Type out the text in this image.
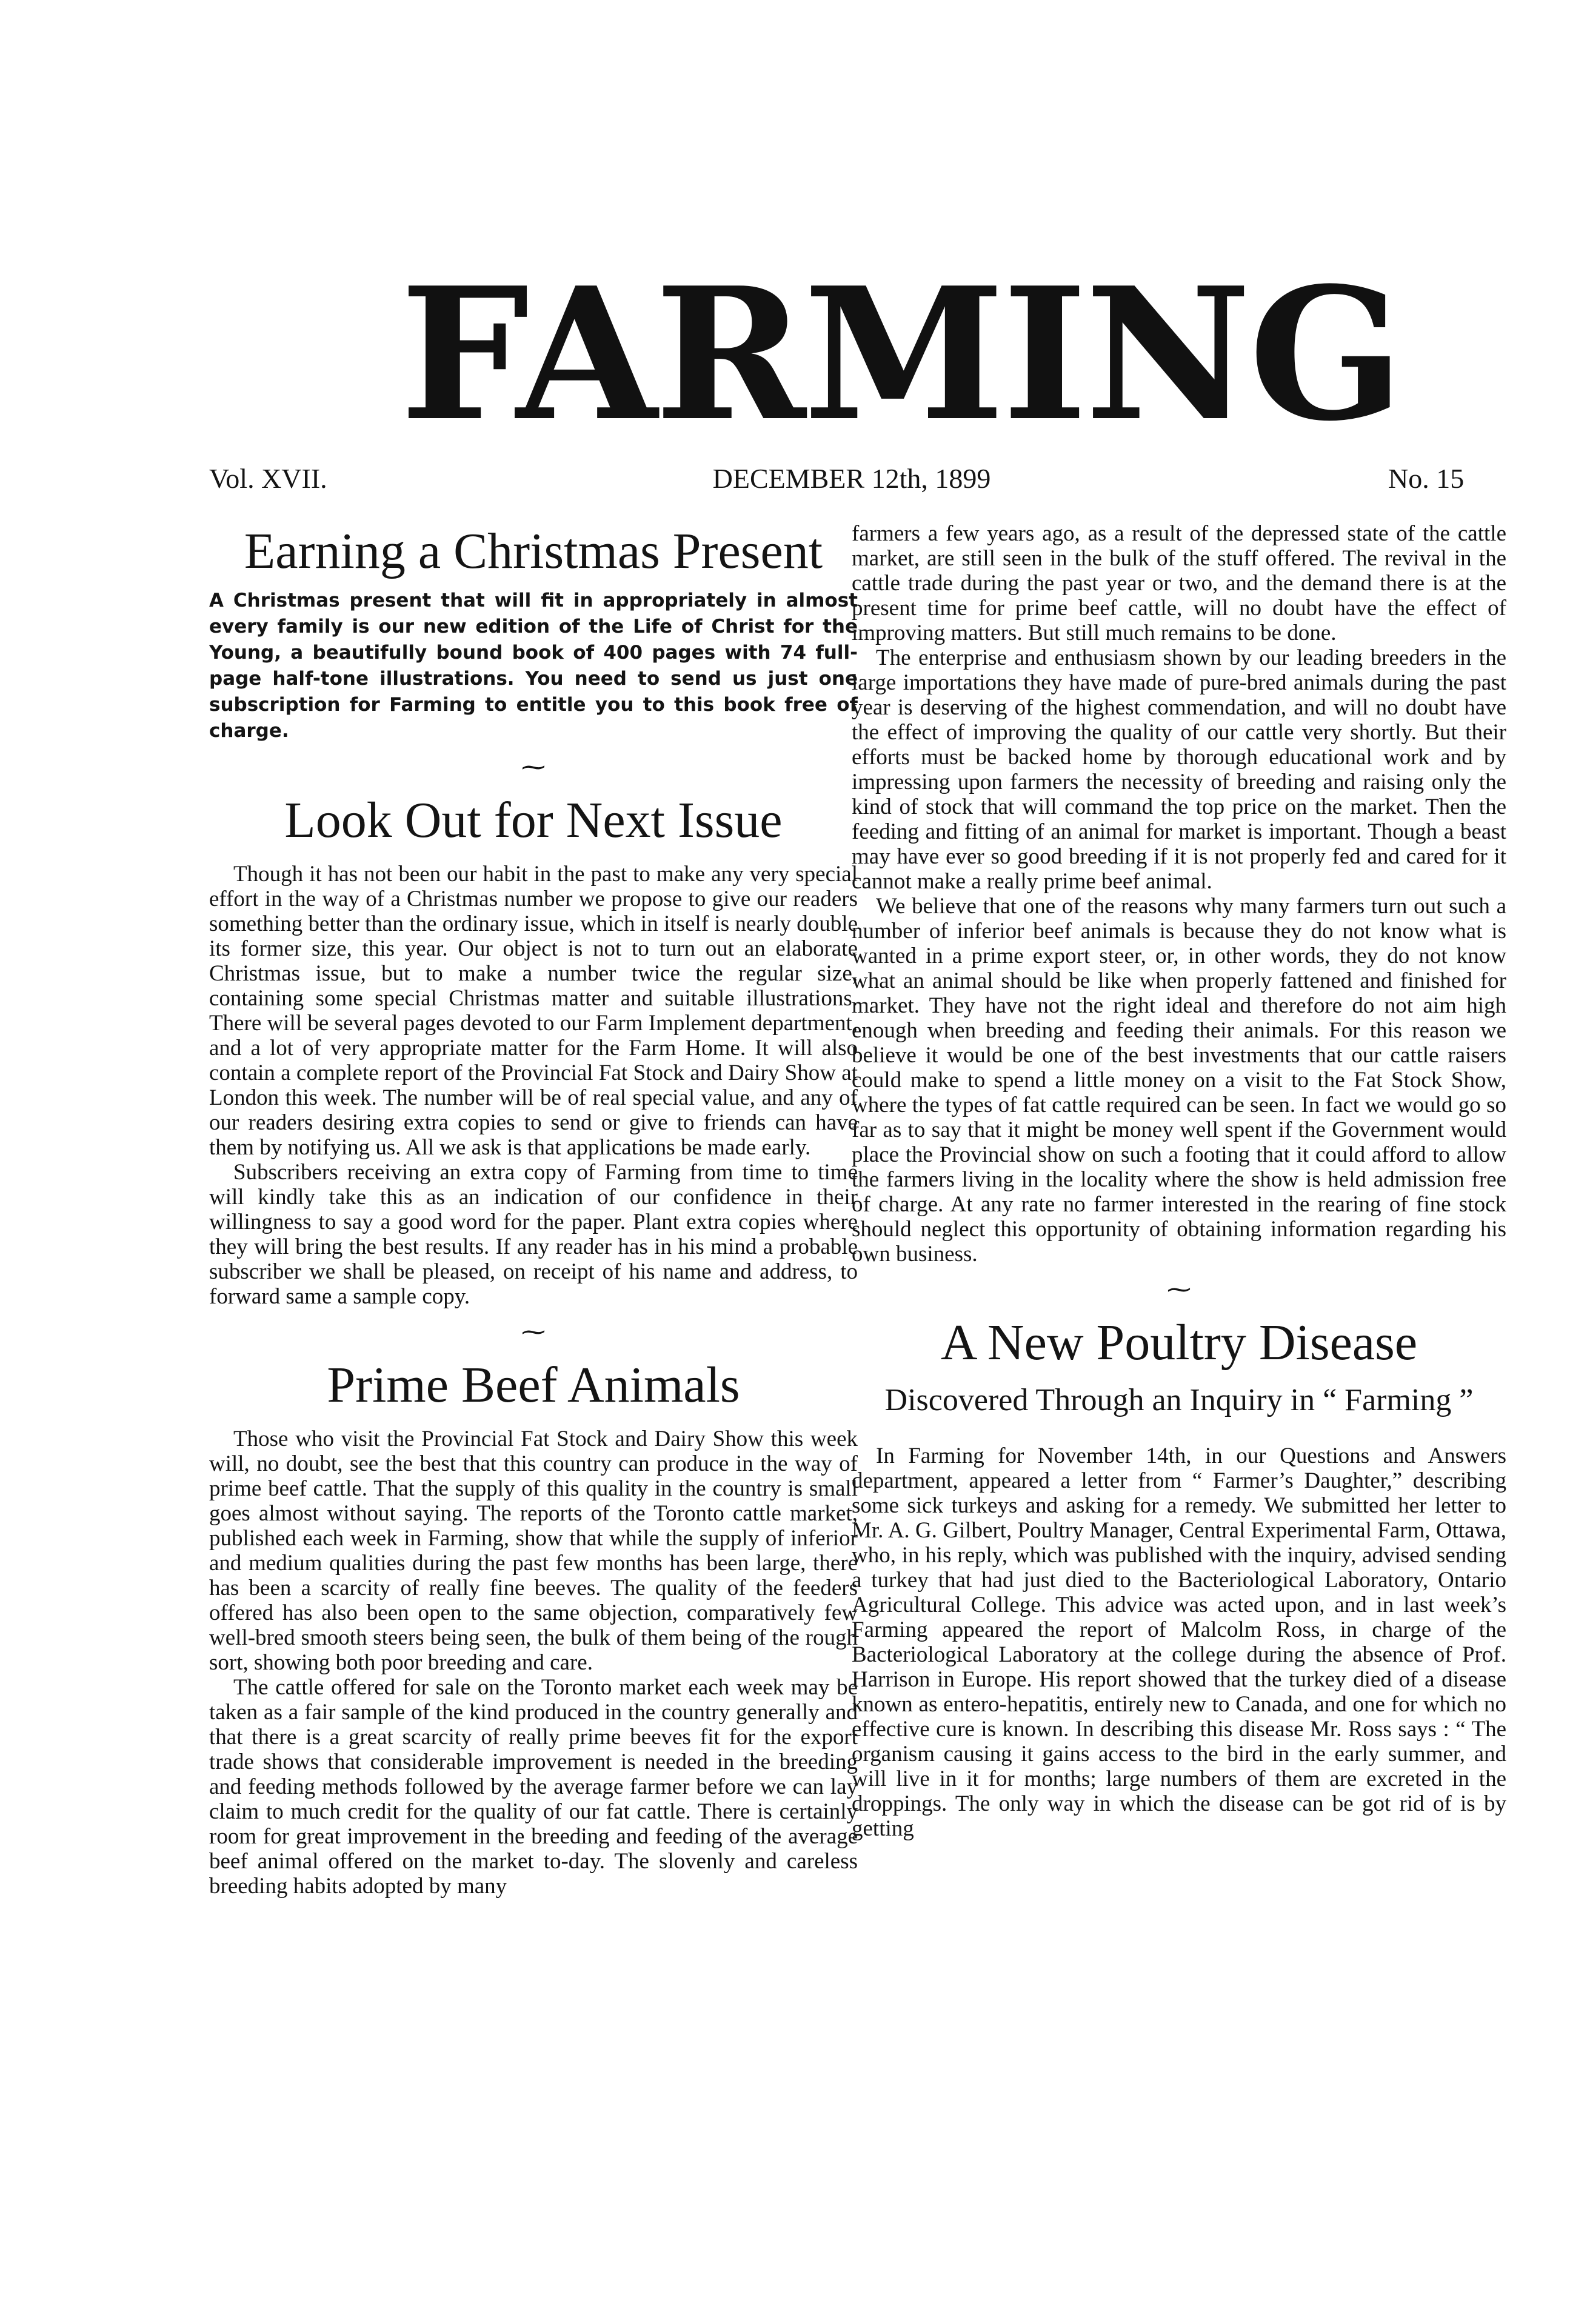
FARMING
Vol. XVII.	DECEMBER 12th, 1899	No. 15
Earning a Christmas Present
A Christmas present that will fit in appropriately in almost every family is our new edition of the Life of Christ for the Young, a beautifully bound book of 400 pages with 74 full-page half-tone illustrations. You need to send us just one subscription for Farming to entitle you to this book free of charge.
⁓
Look Out for Next Issue

Though it has not been our habit in the past to make any very special effort in the way of a Christmas number we propose to give our readers something better than the ordinary issue, which in itself is nearly double its former size, this year. Our object is not to turn out an elaborate Christmas issue, but to make a number twice the regular size, containing some special Christmas matter and suitable illustrations. There will be several pages devoted to our Farm Implement department, and a lot of very appropriate matter for the Farm Home. It will also contain a complete report of the Provincial Fat Stock and Dairy Show at London this week. The number will be of real special value, and any of our readers desiring extra copies to send or give to friends can have them by notifying us. All we ask is that applications be made early.

Subscribers receiving an extra copy of Farming from time to time will kindly take this as an indication of our confidence in their willingness to say a good word for the paper. Plant extra copies where they will bring the best results. If any reader has in his mind a probable subscriber we shall be pleased, on receipt of his name and address, to forward same a sample copy.

⁓
Prime Beef Animals

Those who visit the Provincial Fat Stock and Dairy Show this week will, no doubt, see the best that this country can produce in the way of prime beef cattle. That the supply of this quality in the country is small goes almost without saying. The reports of the Toronto cattle market, published each week in Farming, show that while the supply of inferior and medium qualities during the past few months has been large, there has been a scarcity of really fine beeves. The quality of the feeders offered has also been open to the same objection, comparatively few well-bred smooth steers being seen, the bulk of them being of the rough sort, showing both poor breeding and care.

The cattle offered for sale on the Toronto market each week may be taken as a fair sample of the kind produced in the country generally and that there is a great scarcity of really prime beeves fit for the export trade shows that considerable improvement is needed in the breeding and feeding methods followed by the average farmer before we can lay claim to much credit for the quality of our fat cattle. There is certainly room for great improvement in the breeding and feeding of the average beef animal offered on the market to-day. The slovenly and careless breeding habits adopted by many

farmers a few years ago, as a result of the depressed state of the cattle market, are still seen in the bulk of the stuff offered. The revival in the cattle trade during the past year or two, and the demand there is at the present time for prime beef cattle, will no doubt have the effect of improving matters. But still much remains to be done.

The enterprise and enthusiasm shown by our leading breeders in the large importations they have made of pure-bred animals during the past year is deserving of the highest commendation, and will no doubt have the effect of improving the quality of our cattle very shortly. But their efforts must be backed home by thorough educational work and by impressing upon farmers the necessity of breeding and raising only the kind of stock that will command the top price on the market. Then the feeding and fitting of an animal for market is important. Though a beast may have ever so good breeding if it is not properly fed and cared for it cannot make a really prime beef animal.

We believe that one of the reasons why many farmers turn out such a number of inferior beef animals is because they do not know what is wanted in a prime export steer, or, in other words, they do not know what an animal should be like when properly fattened and finished for market. They have not the right ideal and therefore do not aim high enough when breeding and feeding their animals. For this reason we believe it would be one of the best investments that our cattle raisers could make to spend a little money on a visit to the Fat Stock Show, where the types of fat cattle required can be seen. In fact we would go so far as to say that it might be money well spent if the Government would place the Provincial show on such a footing that it could afford to allow the farmers living in the locality where the show is held admission free of charge. At any rate no farmer interested in the rearing of fine stock should neglect this opportunity of obtaining information regarding his own business.

⁓
A New Poultry Disease
Discovered Through an Inquiry in “ Farming ”

In Farming for November 14th, in our Questions and Answers department, appeared a letter from “ Farmer’s Daughter,” describing some sick turkeys and asking for a remedy. We submitted her letter to Mr. A. G. Gilbert, Poultry Manager, Central Experimental Farm, Ottawa, who, in his reply, which was published with the inquiry, advised sending a turkey that had just died to the Bacteriological Laboratory, Ontario Agricultural College. This advice was acted upon, and in last week’s Farming appeared the report of Malcolm Ross, in charge of the Bacteriological Laboratory at the college during the absence of Prof. Harrison in Europe. His report showed that the turkey died of a disease known as entero-hepatitis, entirely new to Canada, and one for which no effective cure is known. In describing this disease Mr. Ross says : “ The organism causing it gains access to the bird in the early summer, and will live in it for months; large numbers of them are excreted in the droppings. The only way in which the disease can be got rid of is by getting
